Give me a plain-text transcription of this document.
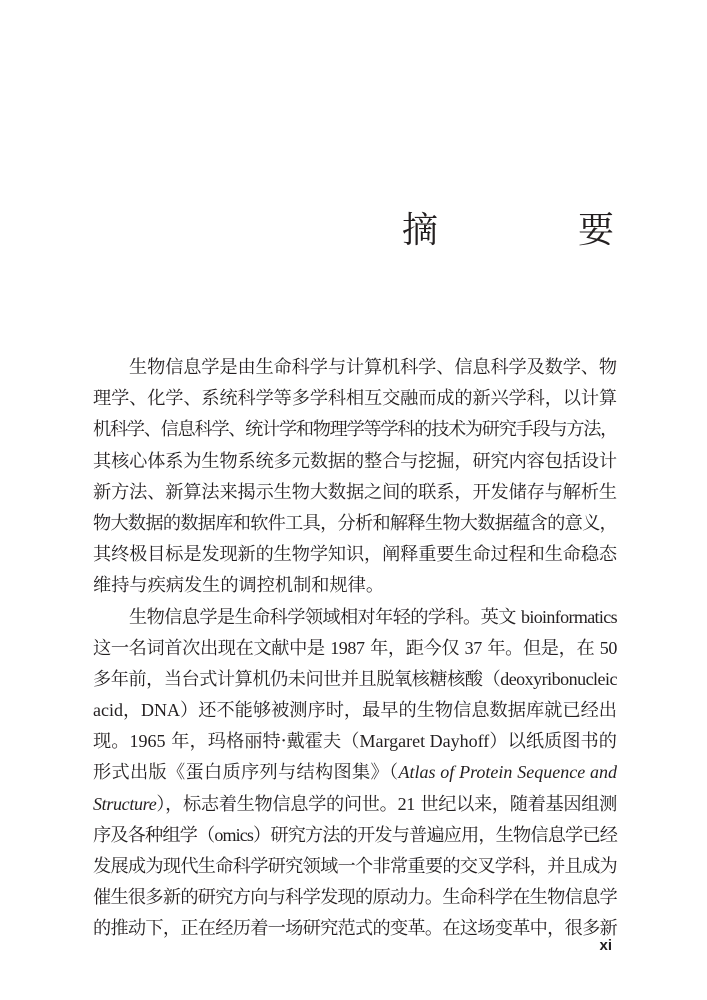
摘　要
生物信息学是由生命科学与计算机科学、信息科学及数学、物
理学、化学、系统科学等多学科相互交融而成的新兴学科，以计算
机科学、信息科学、统计学和物理学等学科的技术为研究手段与方法，
其核心体系为生物系统多元数据的整合与挖掘，研究内容包括设计
新方法、新算法来揭示生物大数据之间的联系，开发储存与解析生
物大数据的数据库和软件工具，分析和解释生物大数据蕴含的意义，
其终极目标是发现新的生物学知识，阐释重要生命过程和生命稳态
维持与疾病发生的调控机制和规律。
生物信息学是生命科学领域相对年轻的学科。英文 bioinformatics
这一名词首次出现在文献中是 1987 年，距今仅 37 年。但是，在 50
多年前，当台式计算机仍未问世并且脱氧核糖核酸（deoxyribonucleic
acid，DNA）还不能够被测序时，最早的生物信息数据库就已经出
现。1965 年，玛格丽特·戴霍夫（Margaret Dayhoff）以纸质图书的
形式出版《蛋白质序列与结构图集》（Atlas of Protein Sequence and
Structure），标志着生物信息学的问世。21 世纪以来，随着基因组测
序及各种组学（omics）研究方法的开发与普遍应用，生物信息学已经
发展成为现代生命科学研究领域一个非常重要的交叉学科，并且成为
催生很多新的研究方向与科学发现的原动力。生命科学在生物信息学
的推动下，正在经历着一场研究范式的变革。在这场变革中，很多新
xi
